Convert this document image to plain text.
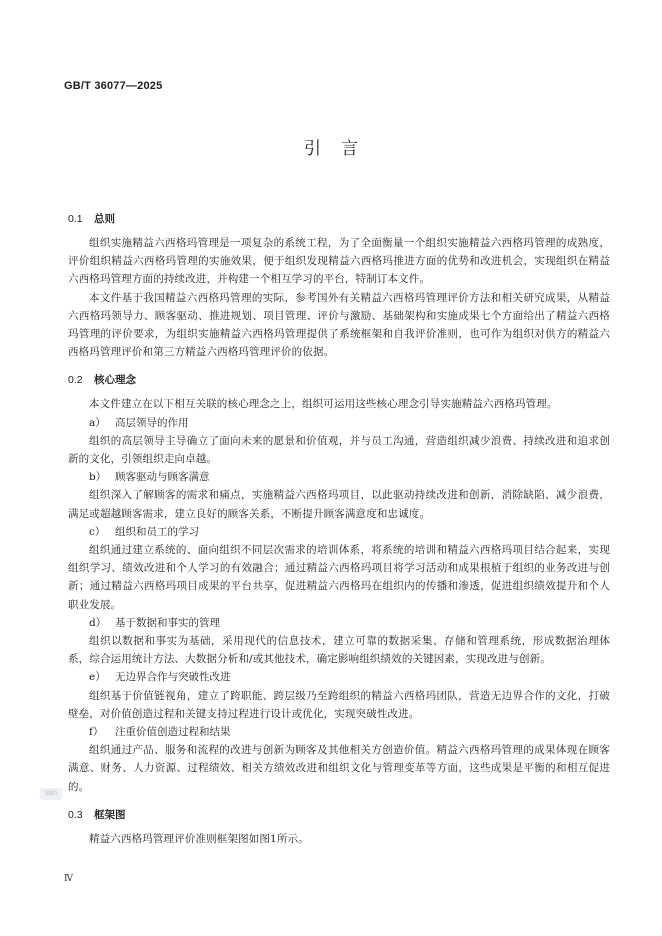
GB/T 36077—2025
引言
0.1 总则

组织实施精益六西格玛管理是一项复杂的系统工程，为了全面衡量一个组织实施精益六西格玛管理的成熟度，评价组织精益六西格玛管理的实施效果，便于组织发现精益六西格玛推进方面的优势和改进机会，实现组织在精益六西格玛管理方面的持续改进，并构建一个相互学习的平台，特制订本文件。

本文件基于我国精益六西格玛管理的实际，参考国外有关精益六西格玛管理评价方法和相关研究成果，从精益六西格玛领导力、顾客驱动、推进规划、项目管理、评价与激励、基础架构和实施成果七个方面给出了精益六西格玛管理的评价要求，为组织实施精益六西格玛管理提供了系统框架和自我评价准则，也可作为组织对供方的精益六西格玛管理评价和第三方精益六西格玛管理评价的依据。

0.2 核心理念

本文件建立在以下相互关联的核心理念之上，组织可运用这些核心理念引导实施精益六西格玛管理。

a） 高层领导的作用

组织的高层领导主导确立了面向未来的愿景和价值观，并与员工沟通，营造组织减少浪费、持续改进和追求创新的文化，引领组织走向卓越。

b） 顾客驱动与顾客满意

组织深入了解顾客的需求和痛点，实施精益六西格玛项目，以此驱动持续改进和创新，消除缺陷、减少浪费，满足或超越顾客需求，建立良好的顾客关系，不断提升顾客满意度和忠诚度。

c） 组织和员工的学习

组织通过建立系统的、面向组织不同层次需求的培训体系，将系统的培训和精益六西格玛项目结合起来，实现组织学习、绩效改进和个人学习的有效融合；通过精益六西格玛项目将学习活动和成果根植于组织的业务改进与创新；通过精益六西格玛项目成果的平台共享，促进精益六西格玛在组织内的传播和渗透，促进组织绩效提升和个人职业发展。

d） 基于数据和事实的管理

组织以数据和事实为基础，采用现代的信息技术，建立可靠的数据采集、存储和管理系统，形成数据治理体系，综合运用统计方法、大数据分析和/或其他技术，确定影响组织绩效的关键因素，实现改进与创新。

e） 无边界合作与突破性改进

组织基于价值链视角，建立了跨职能、跨层级乃至跨组织的精益六西格玛团队，营造无边界合作的文化，打破壁垒，对价值创造过程和关键支持过程进行设计或优化，实现突破性改进。

f） 注重价值创造过程和结果

组织通过产品、服务和流程的改进与创新为顾客及其他相关方创造价值。精益六西格玛管理的成果体现在顾客满意、财务、人力资源、过程绩效、相关方绩效改进和组织文化与管理变革等方面，这些成果是平衡的和相互促进的。

0.3 框架图

精益六西格玛管理评价准则框架图如图1所示。

SBG
Ⅳ
